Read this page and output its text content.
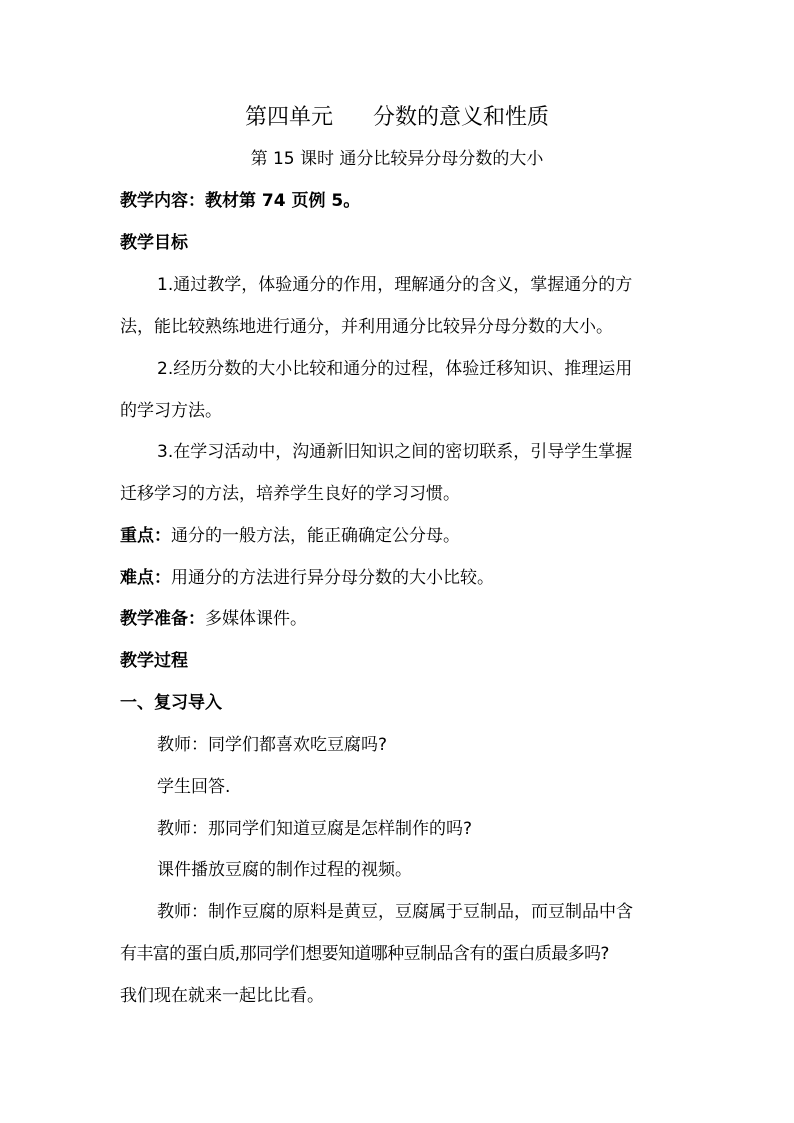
第四单元 分数的意义和性质
第 15 课时 通分比较异分母分数的大小
教学内容：教材第 74 页例 5。
教学目标
1.通过教学，体验通分的作用，理解通分的含义，掌握通分的方
法，能比较熟练地进行通分，并利用通分比较异分母分数的大小。
2.经历分数的大小比较和通分的过程，体验迁移知识、推理运用
的学习方法。
3.在学习活动中，沟通新旧知识之间的密切联系，引导学生掌握
迁移学习的方法，培养学生良好的学习习惯。
重点：通分的一般方法，能正确确定公分母。
难点：用通分的方法进行异分母分数的大小比较。
教学准备：多媒体课件。
教学过程
一、复习导入
教师：同学们都喜欢吃豆腐吗?
学生回答.
教师：那同学们知道豆腐是怎样制作的吗?
课件播放豆腐的制作过程的视频。
教师：制作豆腐的原料是黄豆，豆腐属于豆制品，而豆制品中含
有丰富的蛋白质,那同学们想要知道哪种豆制品含有的蛋白质最多吗?
我们现在就来一起比比看。
